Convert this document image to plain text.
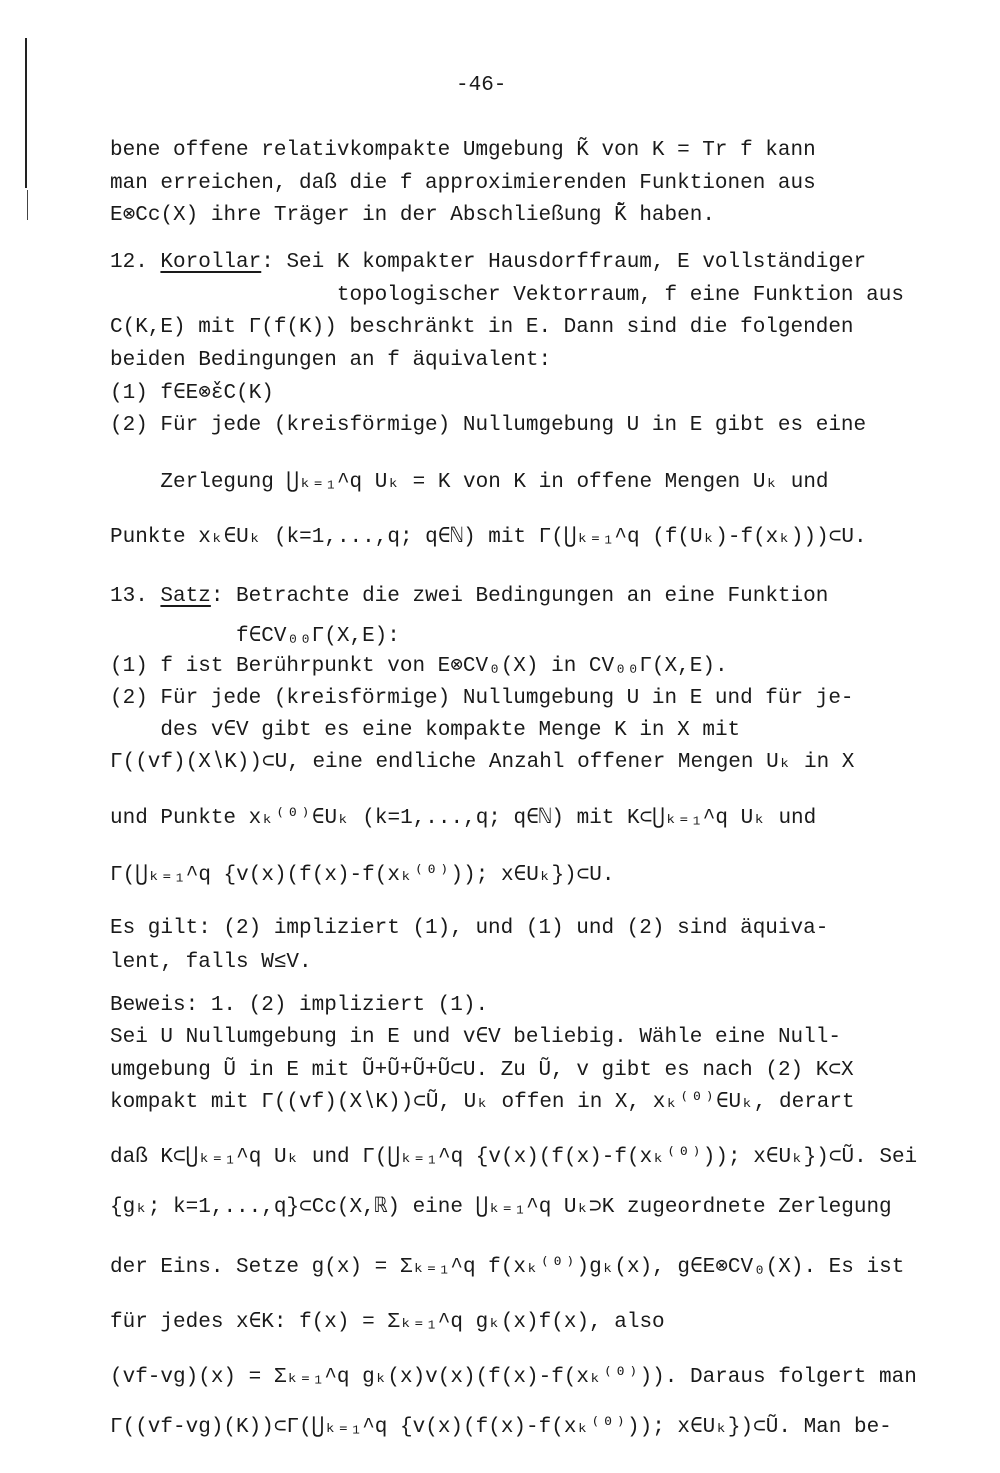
-46-
bene offene relativkompakte Umgebung K̃ von K = Tr f kann
man erreichen, daß die f approximierenden Funktionen aus
E⊗Cc(X) ihre Träger in der Abschließung K̃̄ haben.
12. Korollar: Sei K kompakter Hausdorffraum, E vollständiger
topologischer Vektorraum, f eine Funktion aus
C(K,E) mit Γ(f(K)) beschränkt in E. Dann sind die folgenden
beiden Bedingungen an f äquivalent:
(1) f∈E⊗̌εC(K)
(2) Für jede (kreisförmige) Nullumgebung U in E gibt es eine
Zerlegung ⋃ₖ₌₁^q Uₖ = K von K in offene Mengen Uₖ und
Punkte xₖ∈Uₖ (k=1,...,q; q∈ℕ) mit Γ(⋃ₖ₌₁^q (f(Uₖ)-f(xₖ)))⊂U.
13. Satz: Betrachte die zwei Bedingungen an eine Funktion
f∈CV₀₀Γ(X,E):
(1) f ist Berührpunkt von E⊗CV₀(X) in CV₀₀Γ(X,E).
(2) Für jede (kreisförmige) Nullumgebung U in E und für je-
des v∈V gibt es eine kompakte Menge K in X mit
Γ((vf)(X∖K))⊂U, eine endliche Anzahl offener Mengen Uₖ in X
und Punkte xₖ⁽⁰⁾∈Uₖ (k=1,...,q; q∈ℕ) mit K⊂⋃ₖ₌₁^q Uₖ und
Γ(⋃ₖ₌₁^q {v(x)(f(x)-f(xₖ⁽⁰⁾)); x∈Uₖ})⊂U.
Es gilt: (2) impliziert (1), und (1) und (2) sind äquiva-
lent, falls W≤V.
Beweis: 1. (2) impliziert (1).
Sei U Nullumgebung in E und v∈V beliebig. Wähle eine Null-
umgebung Ũ in E mit Ũ+Ũ+Ũ+Ũ⊂U. Zu Ũ, v gibt es nach (2) K⊂X
kompakt mit Γ((vf)(X∖K))⊂Ũ, Uₖ offen in X, xₖ⁽⁰⁾∈Uₖ, derart
daß K⊂⋃ₖ₌₁^q Uₖ und Γ(⋃ₖ₌₁^q {v(x)(f(x)-f(xₖ⁽⁰⁾)); x∈Uₖ})⊂Ũ. Sei
{gₖ; k=1,...,q}⊂Cc(X,ℝ) eine ⋃ₖ₌₁^q Uₖ⊃K zugeordnete Zerlegung
der Eins. Setze g(x) = Σₖ₌₁^q f(xₖ⁽⁰⁾)gₖ(x), g∈E⊗CV₀(X). Es ist
für jedes x∈K: f(x) = Σₖ₌₁^q gₖ(x)f(x), also
(vf-vg)(x) = Σₖ₌₁^q gₖ(x)v(x)(f(x)-f(xₖ⁽⁰⁾)). Daraus folgert man
Γ((vf-vg)(K))⊂Γ(⋃ₖ₌₁^q {v(x)(f(x)-f(xₖ⁽⁰⁾)); x∈Uₖ})⊂Ũ. Man be-
